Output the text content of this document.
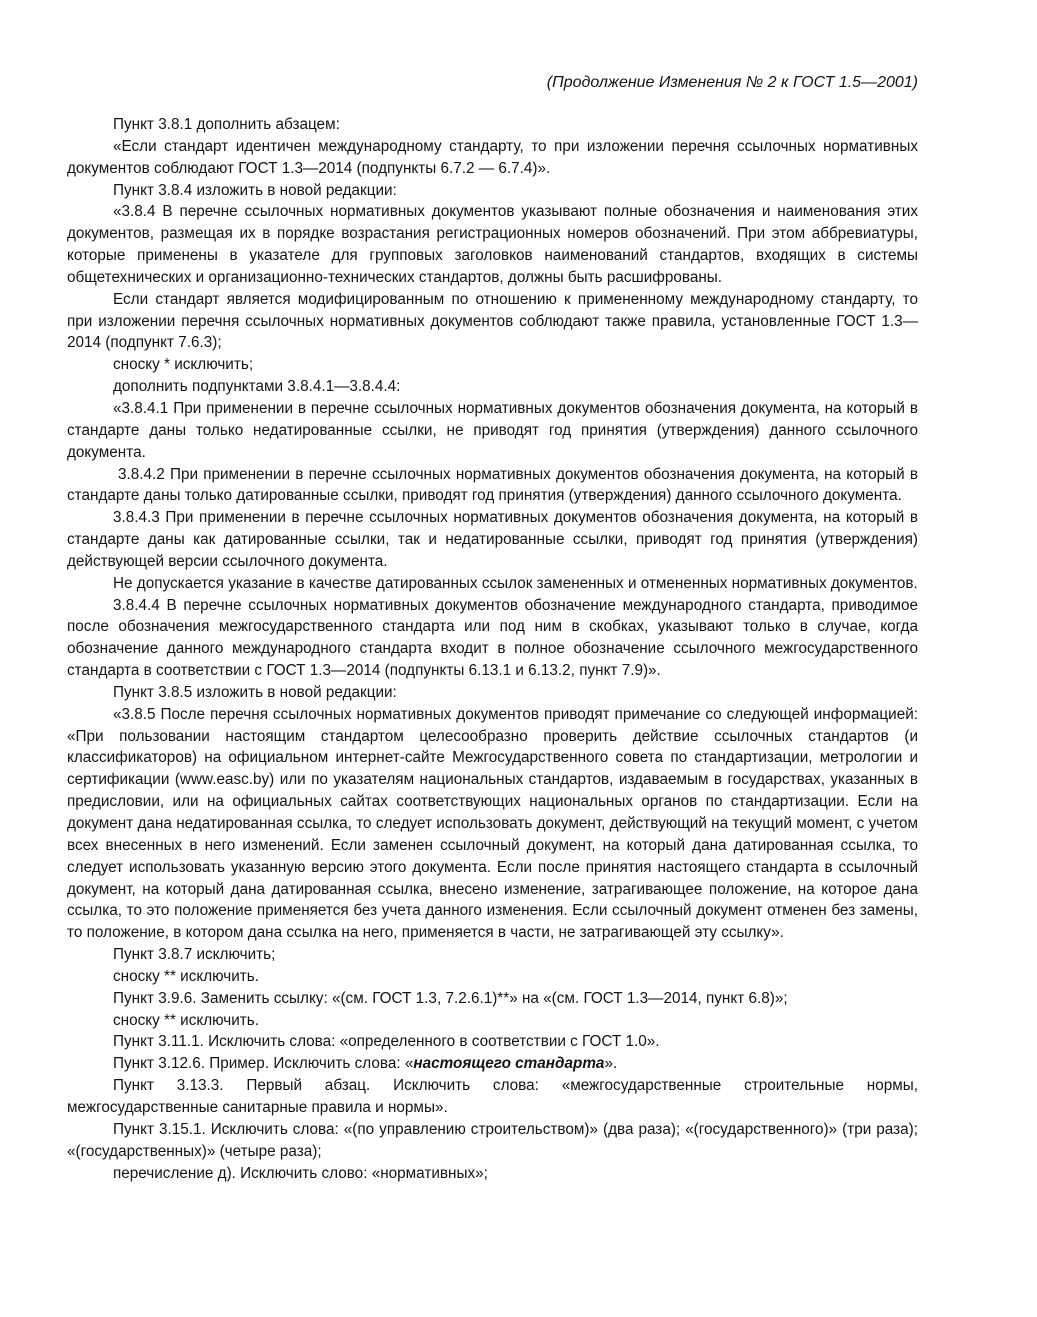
(Продолжение Изменения № 2 к ГОСТ 1.5—2001)

Пункт 3.8.1 дополнить абзацем:

«Если стандарт идентичен международному стандарту, то при изложении перечня ссылочных нормативных документов соблюдают ГОСТ 1.3—2014 (подпункты 6.7.2 — 6.7.4)».

Пункт 3.8.4 изложить в новой редакции:

«3.8.4 В перечне ссылочных нормативных документов указывают полные обозначения и наименования этих документов, размещая их в порядке возрастания регистрационных номеров обозначений. При этом аббревиатуры, которые применены в указателе для групповых заголовков наименований стандартов, входящих в системы общетехнических и организационно-технических стандартов, должны быть расшифрованы.

Если стандарт является модифицированным по отношению к примененному международному стандарту, то при изложении перечня ссылочных нормативных документов соблюдают также правила, установленные ГОСТ 1.3—2014 (подпункт 7.6.3);

сноску * исключить;

дополнить подпунктами 3.8.4.1—3.8.4.4:

«3.8.4.1 При применении в перечне ссылочных нормативных документов обозначения документа, на который в стандарте даны только недатированные ссылки, не приводят год принятия (утверждения) данного ссылочного документа.

3.8.4.2 При применении в перечне ссылочных нормативных документов обозначения документа, на который в стандарте даны только датированные ссылки, приводят год принятия (утверждения) данного ссылочного документа.

3.8.4.3 При применении в перечне ссылочных нормативных документов обозначения документа, на который в стандарте даны как датированные ссылки, так и недатированные ссылки, приводят год принятия (утверждения) действующей версии ссылочного документа.

Не допускается указание в качестве датированных ссылок замененных и отмененных нормативных документов.

3.8.4.4 В перечне ссылочных нормативных документов обозначение международного стандарта, приводимое после обозначения межгосударственного стандарта или под ним в скобках, указывают только в случае, когда обозначение данного международного стандарта входит в полное обозначение ссылочного межгосударственного стандарта в соответствии с ГОСТ 1.3—2014 (подпункты 6.13.1 и 6.13.2, пункт 7.9)».

Пункт 3.8.5 изложить в новой редакции:

«3.8.5 После перечня ссылочных нормативных документов приводят примечание со следующей информацией: «При пользовании настоящим стандартом целесообразно проверить действие ссылочных стандартов (и классификаторов) на официальном интернет-сайте Межгосударственного совета по стандартизации, метрологии и сертификации (www.easc.by) или по указателям национальных стандартов, издаваемым в государствах, указанных в предисловии, или на официальных сайтах соответствующих национальных органов по стандартизации. Если на документ дана недатированная ссылка, то следует использовать документ, действующий на текущий момент, с учетом всех внесенных в него изменений. Если заменен ссылочный документ, на который дана датированная ссылка, то следует использовать указанную версию этого документа. Если после принятия настоящего стандарта в ссылочный документ, на который дана датированная ссылка, внесено изменение, затрагивающее положение, на которое дана ссылка, то это положение применяется без учета данного изменения. Если ссылочный документ отменен без замены, то положение, в котором дана ссылка на него, применяется в части, не затрагивающей эту ссылку».

Пункт 3.8.7 исключить;

сноску ** исключить.

Пункт 3.9.6. Заменить ссылку: «(см. ГОСТ 1.3, 7.2.6.1)**» на «(см. ГОСТ 1.3—2014, пункт 6.8)»;

сноску ** исключить.

Пункт 3.11.1. Исключить слова: «определенного в соответствии с ГОСТ 1.0».

Пункт 3.12.6. Пример. Исключить слова: «настоящего стандарта».

Пункт 3.13.3. Первый абзац. Исключить слова: «межгосударственные строительные нормы, межгосударственные санитарные правила и нормы».

Пункт 3.15.1. Исключить слова: «(по управлению строительством)» (два раза); «(государственного)» (три раза); «(государственных)» (четыре раза);

перечисление д). Исключить слово: «нормативных»;
